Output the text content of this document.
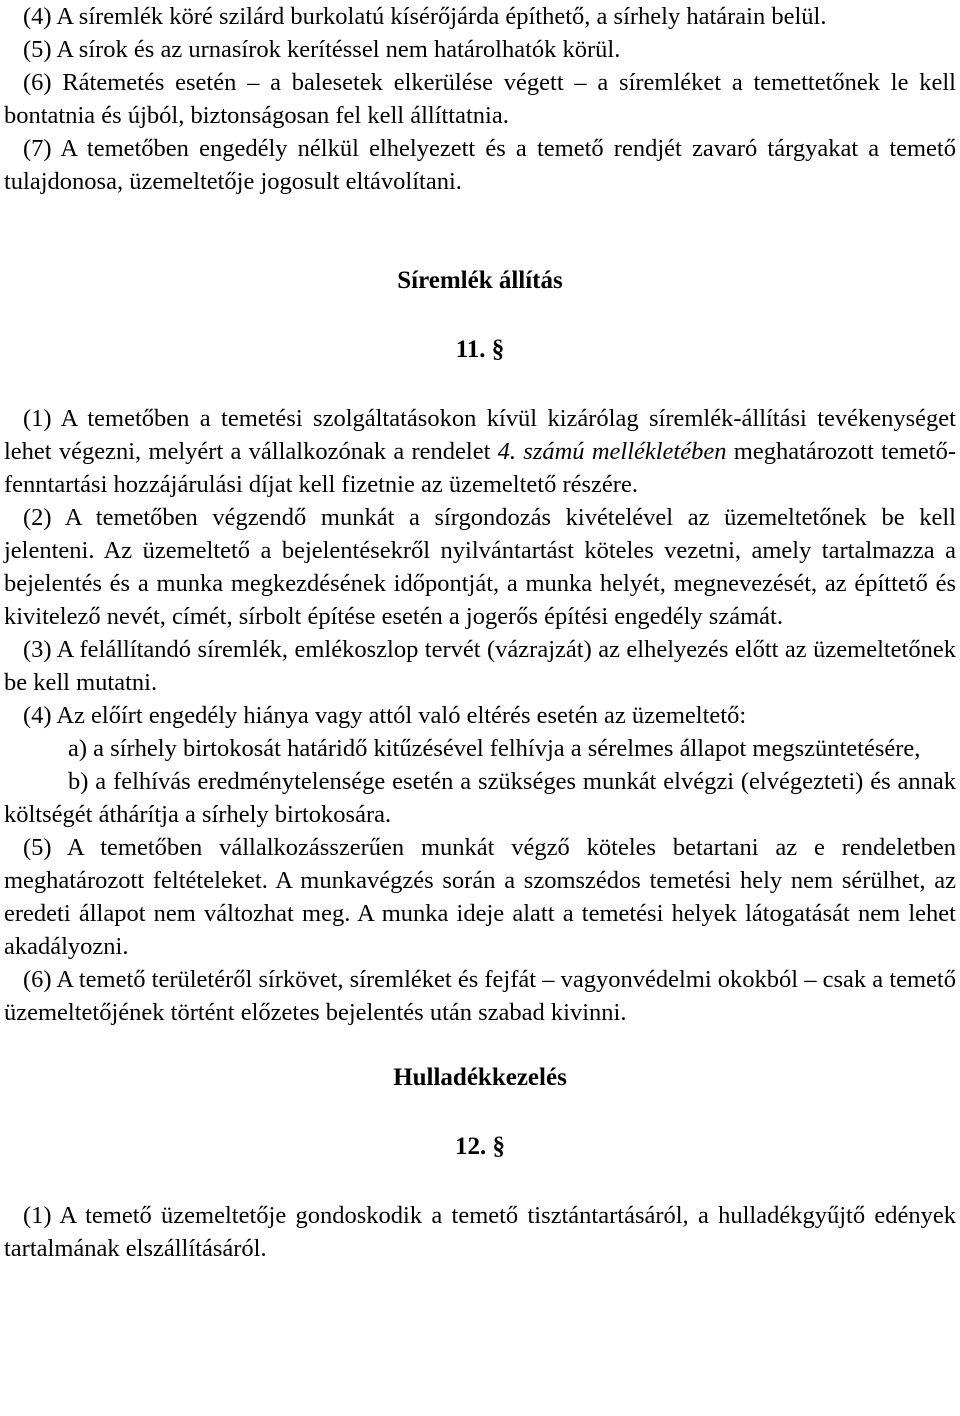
(4) A síremlék köré szilárd burkolatú kísérőjárda építhető, a sírhely határain belül.

(5) A sírok és az urnasírok kerítéssel nem határolhatók körül.

(6) Rátemetés esetén – a balesetek elkerülése végett – a síremléket a temettetőnek le kell bontatnia és újból, biztonságosan fel kell állíttatnia.

(7) A temetőben engedély nélkül elhelyezett és a temető rendjét zavaró tárgyakat a temető tulajdonosa, üzemeltetője jogosult eltávolítani.

Síremlék állítás
11. §

(1) A temetőben a temetési szolgáltatásokon kívül kizárólag síremlék-állítási tevékenységet lehet végezni, melyért a vállalkozónak a rendelet 4. számú mellékletében meghatározott temető-fenntartási hozzájárulási díjat kell fizetnie az üzemeltető részére.

(2) A temetőben végzendő munkát a sírgondozás kivételével az üzemeltetőnek be kell jelenteni. Az üzemeltető a bejelentésekről nyilvántartást köteles vezetni, amely tartalmazza a bejelentés és a munka megkezdésének időpontját, a munka helyét, megnevezését, az építtető és kivitelező nevét, címét, sírbolt építése esetén a jogerős építési engedély számát.

(3) A felállítandó síremlék, emlékoszlop tervét (vázrajzát) az elhelyezés előtt az üzemeltetőnek be kell mutatni.

(4) Az előírt engedély hiánya vagy attól való eltérés esetén az üzemeltető:

a) a sírhely birtokosát határidő kitűzésével felhívja a sérelmes állapot megszüntetésére,

b) a felhívás eredménytelensége esetén a szükséges munkát elvégzi (elvégezteti) és annak költségét áthárítja a sírhely birtokosára.

(5) A temetőben vállalkozásszerűen munkát végző köteles betartani az e rendeletben meghatározott feltételeket. A munkavégzés során a szomszédos temetési hely nem sérülhet, az eredeti állapot nem változhat meg. A munka ideje alatt a temetési helyek látogatását nem lehet akadályozni.

(6) A temető területéről sírkövet, síremléket és fejfát – vagyonvédelmi okokból – csak a temető üzemeltetőjének történt előzetes bejelentés után szabad kivinni.

Hulladékkezelés
12. §

(1) A temető üzemeltetője gondoskodik a temető tisztántartásáról, a hulladékgyűjtő edények tartalmának elszállításáról.
